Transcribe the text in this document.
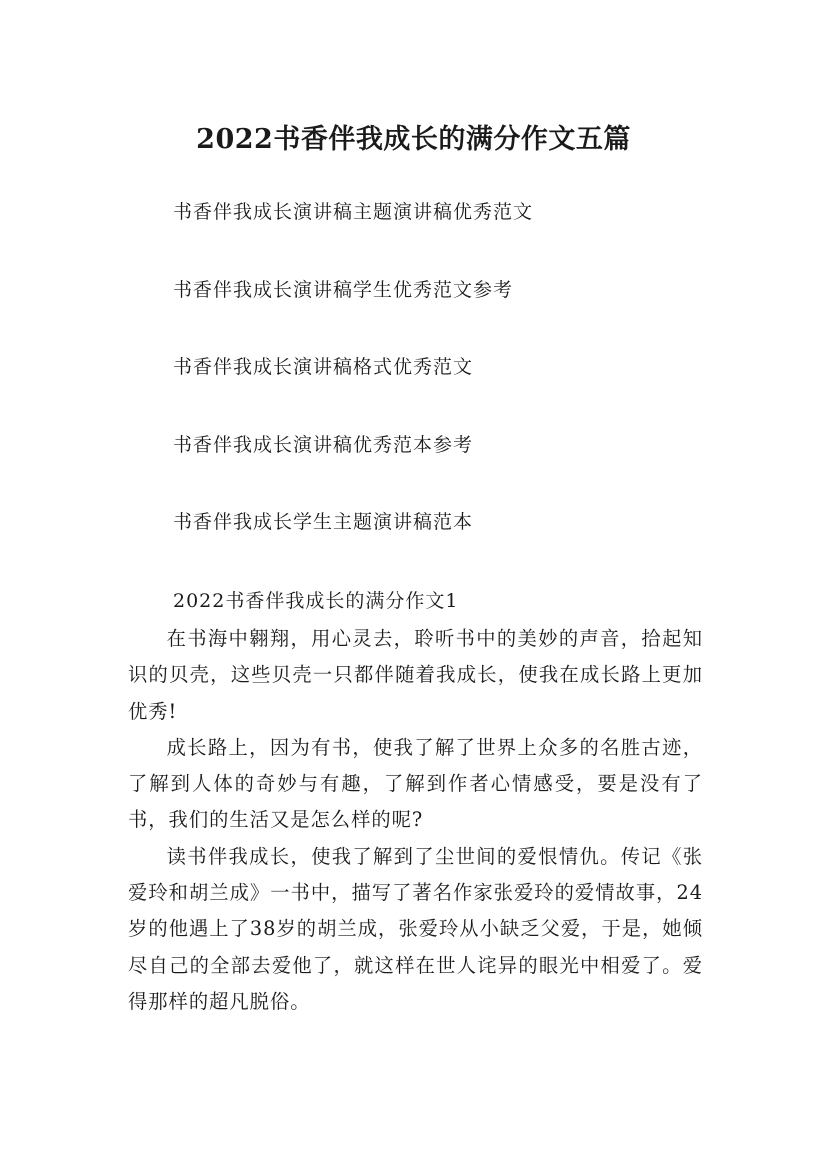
2022书香伴我成长的满分作文五篇
书香伴我成长演讲稿主题演讲稿优秀范文
书香伴我成长演讲稿学生优秀范文参考
书香伴我成长演讲稿格式优秀范文
书香伴我成长演讲稿优秀范本参考
书香伴我成长学生主题演讲稿范本
2022书香伴我成长的满分作文1

在书海中翱翔，用心灵去，聆听书中的美妙的声音，拾起知识的贝壳，这些贝壳一只都伴随着我成长，使我在成长路上更加优秀!

成长路上，因为有书，使我了解了世界上众多的名胜古迹，了解到人体的奇妙与有趣，了解到作者心情感受，要是没有了书，我们的生活又是怎么样的呢?

读书伴我成长，使我了解到了尘世间的爱恨情仇。传记《张爱玲和胡兰成》一书中，描写了著名作家张爱玲的爱情故事，24岁的他遇上了38岁的胡兰成，张爱玲从小缺乏父爱，于是，她倾尽自己的全部去爱他了，就这样在世人诧异的眼光中相爱了。爱得那样的超凡脱俗。
